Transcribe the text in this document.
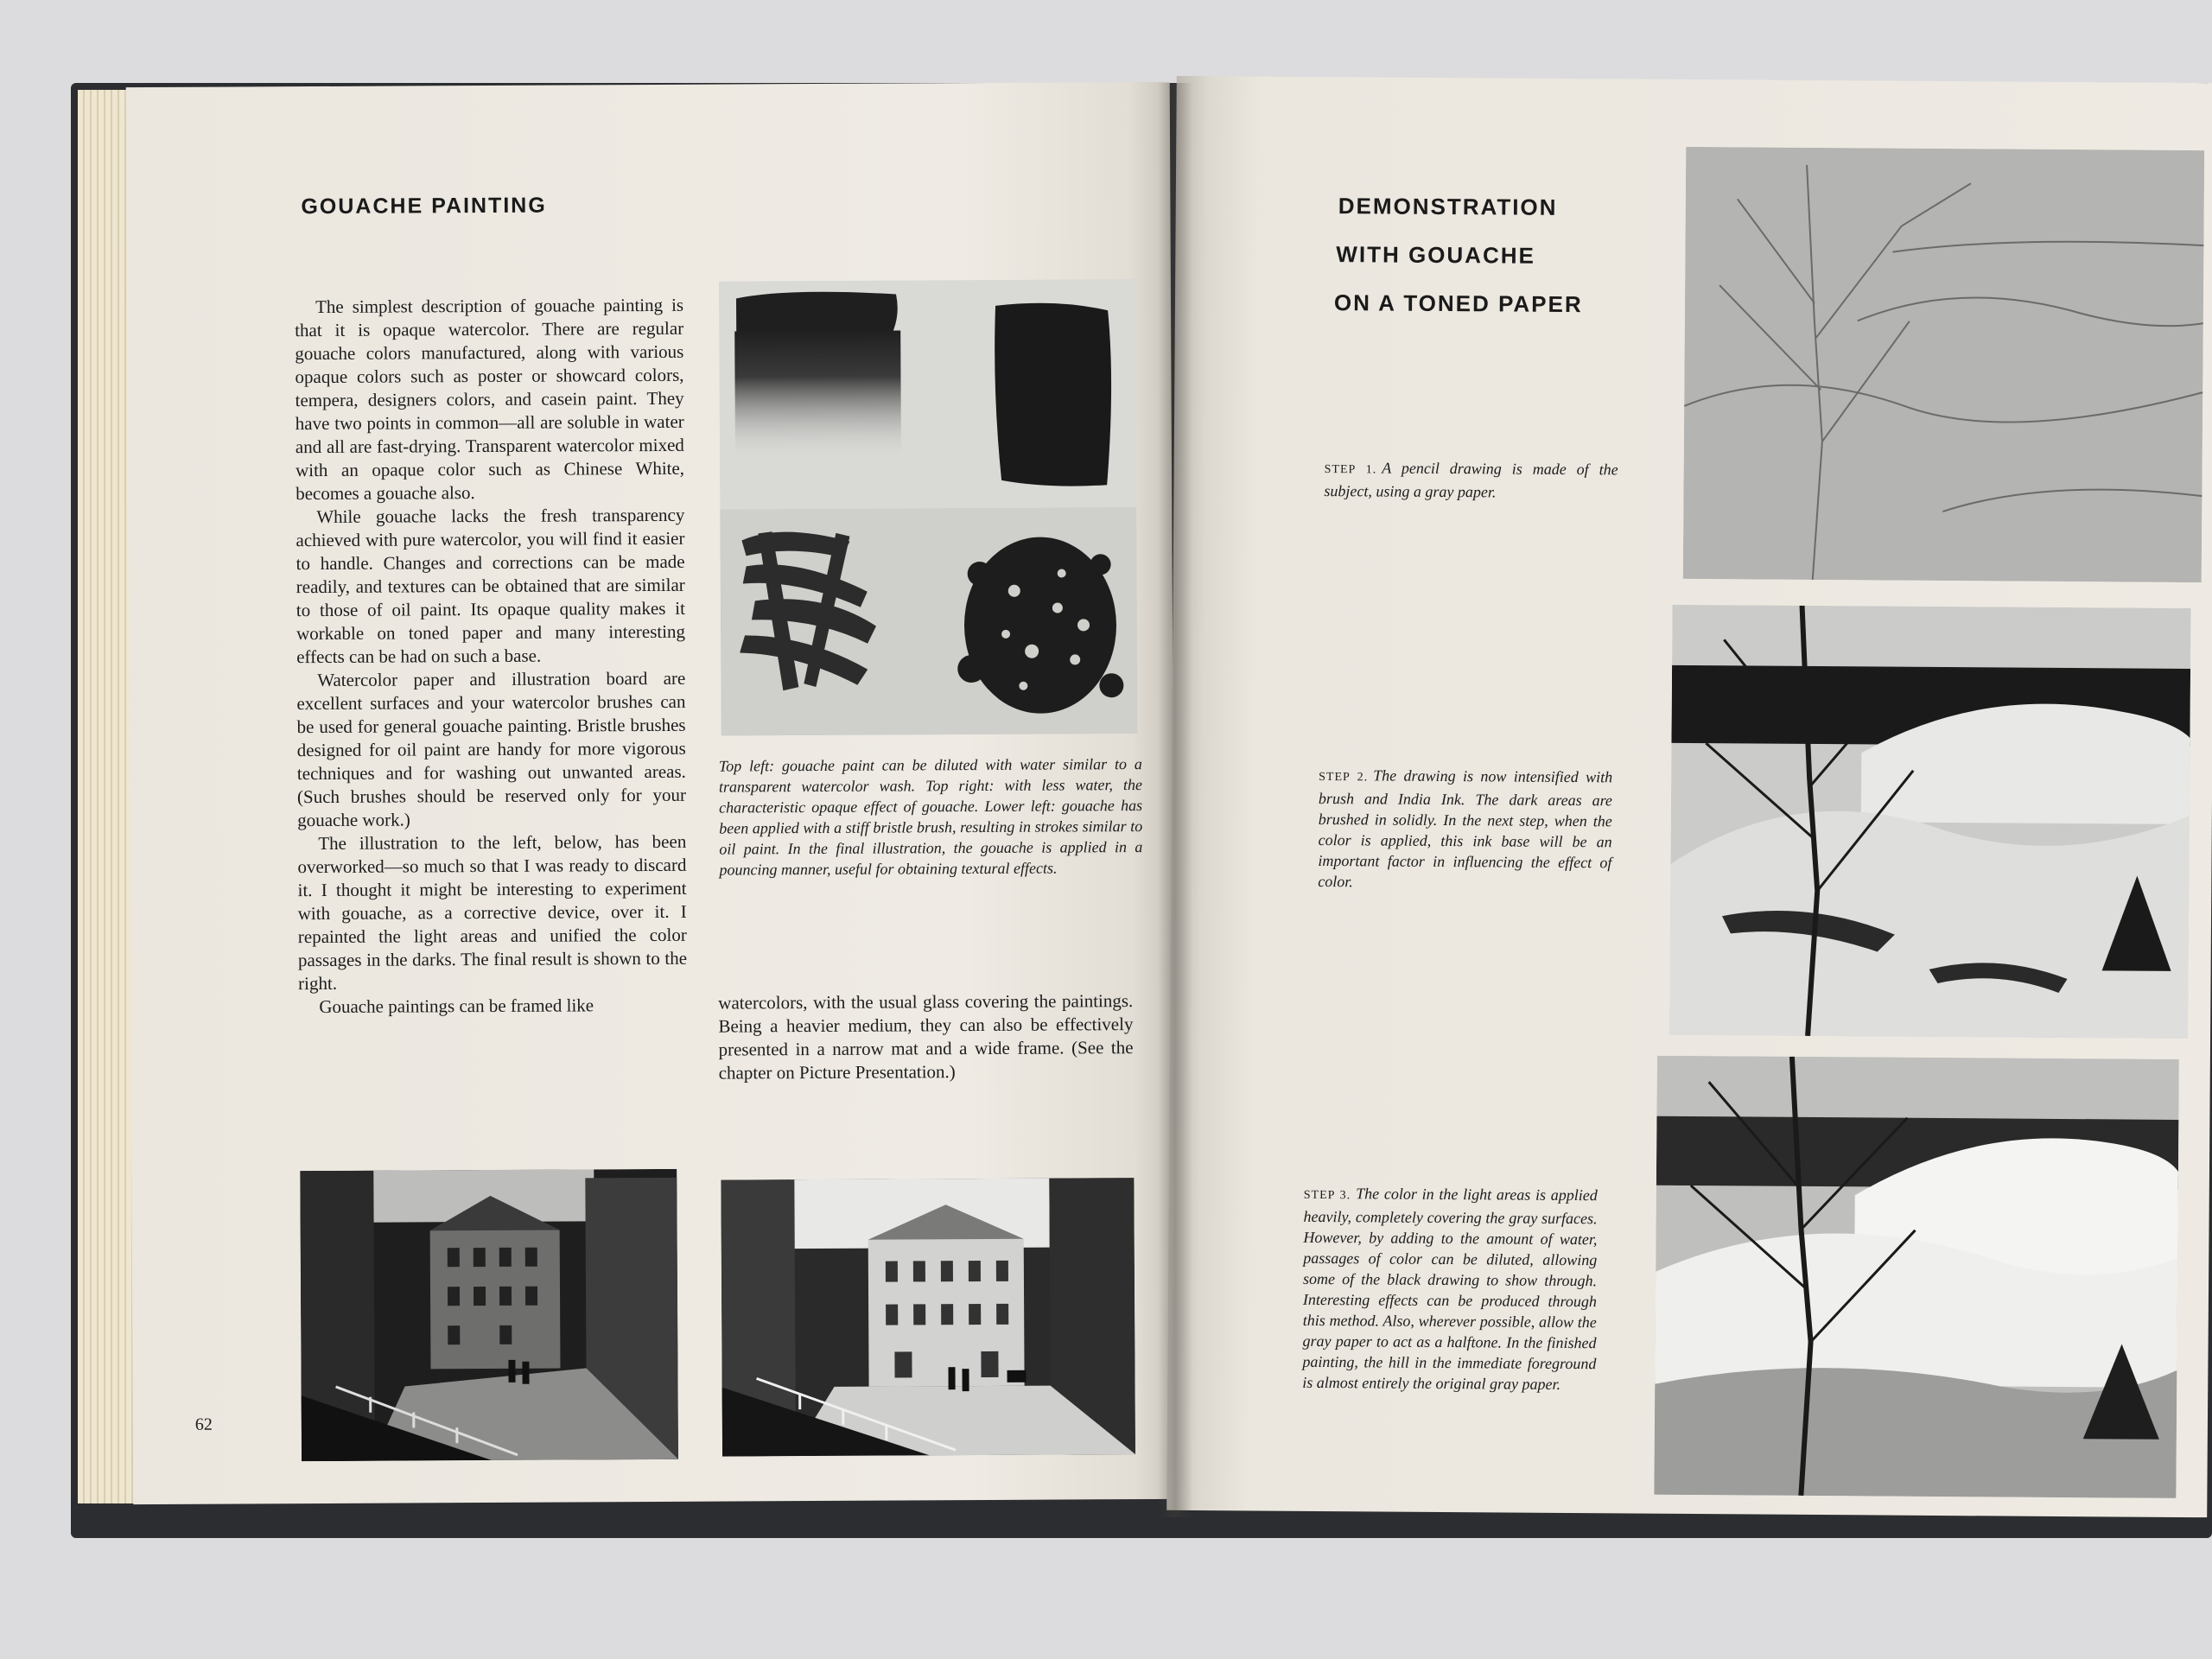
GOUACHE PAINTING

The simplest description of gouache painting is that it is opaque watercolor. There are regular gouache colors manufactured, along with various opaque colors such as poster or showcard colors, tempera, designers colors, and casein paint. They have two points in common—all are soluble in water and all are fast-drying. Transparent watercolor mixed with an opaque color such as Chinese White, becomes a gouache also.

While gouache lacks the fresh transparency achieved with pure watercolor, you will find it easier to handle. Changes and corrections can be made readily, and textures can be obtained that are similar to those of oil paint. Its opaque quality makes it workable on toned paper and many interesting effects can be had on such a base.

Watercolor paper and illustration board are excellent surfaces and your watercolor brushes can be used for general gouache painting. Bristle brushes designed for oil paint are handy for more vigorous techniques and for washing out unwanted areas. (Such brushes should be reserved only for your gouache work.)

The illustration to the left, below, has been overworked—so much so that I was ready to discard it. I thought it might be interesting to experiment with gouache, as a corrective device, over it. I repainted the light areas and unified the color passages in the darks. The final result is shown to the right.

Gouache paintings can be framed like

Top left: gouache paint can be diluted with water similar to a transparent watercolor wash. Top right: with less water, the characteristic opaque effect of gouache. Lower left: gouache has been applied with a stiff bristle brush, resulting in strokes similar to oil paint. In the final illustration, the gouache is applied in a pouncing manner, useful for obtaining textural effects.

watercolors, with the usual glass covering the paintings. Being a heavier medium, they can also be effectively presented in a narrow mat and a wide frame. (See the chapter on Picture Presentation.)

62
DEMONSTRATION
WITH GOUACHE
ON A TONED PAPER

STEP 1. A pencil drawing is made of the subject, using a gray paper.

STEP 2. The drawing is now intensified with brush and India Ink. The dark areas are brushed in solidly. In the next step, when the color is applied, this ink base will be an important factor in influencing the effect of color.

STEP 3. The color in the light areas is applied heavily, completely covering the gray surfaces. However, by adding to the amount of water, passages of color can be diluted, allowing some of the black drawing to show through. Interesting effects can be produced through this method. Also, wherever possible, allow the gray paper to act as a halftone. In the finished painting, the hill in the immediate foreground is almost entirely the original gray paper.
